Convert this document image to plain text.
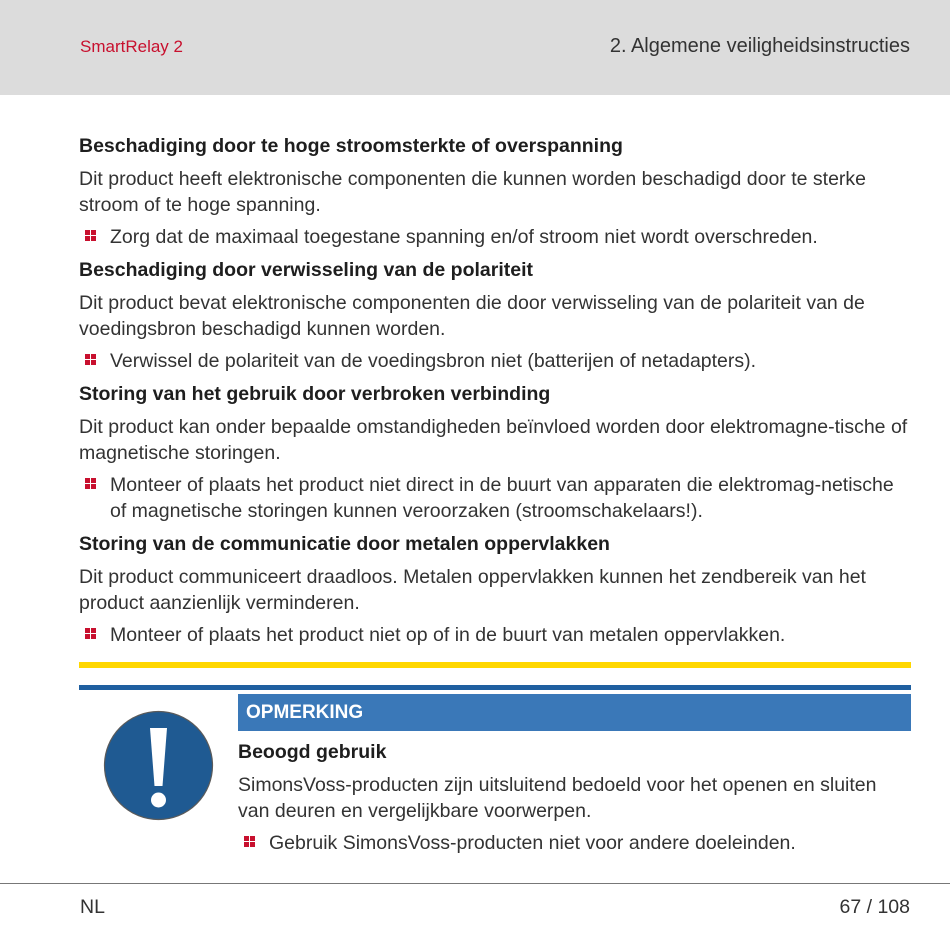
SmartRelay 2	2. Algemene veiligheidsinstructies

Beschadiging door te hoge stroomsterkte of overspanning

Dit product heeft elektronische componenten die kunnen worden beschadigd door te sterke stroom of te hoge spanning.

Zorg dat de maximaal toegestane spanning en/of stroom niet wordt overschreden.

Beschadiging door verwisseling van de polariteit

Dit product bevat elektronische componenten die door verwisseling van de polariteit van de voedingsbron beschadigd kunnen worden.

Verwissel de polariteit van de voedingsbron niet (batterijen of netadapters).

Storing van het gebruik door verbroken verbinding

Dit product kan onder bepaalde omstandigheden beïnvloed worden door elektromagne-tische of magnetische storingen.

Monteer of plaats het product niet direct in de buurt van apparaten die elektromag-netische of magnetische storingen kunnen veroorzaken (stroomschakelaars!).

Storing van de communicatie door metalen oppervlakken

Dit product communiceert draadloos. Metalen oppervlakken kunnen het zendbereik van het product aanzienlijk verminderen.

Monteer of plaats het product niet op of in de buurt van metalen oppervlakken.
OPMERKING

Beoogd gebruik

SimonsVoss-producten zijn uitsluitend bedoeld voor het openen en sluiten van deuren en vergelijkbare voorwerpen.

Gebruik SimonsVoss-producten niet voor andere doeleinden.
NL	67 / 108
